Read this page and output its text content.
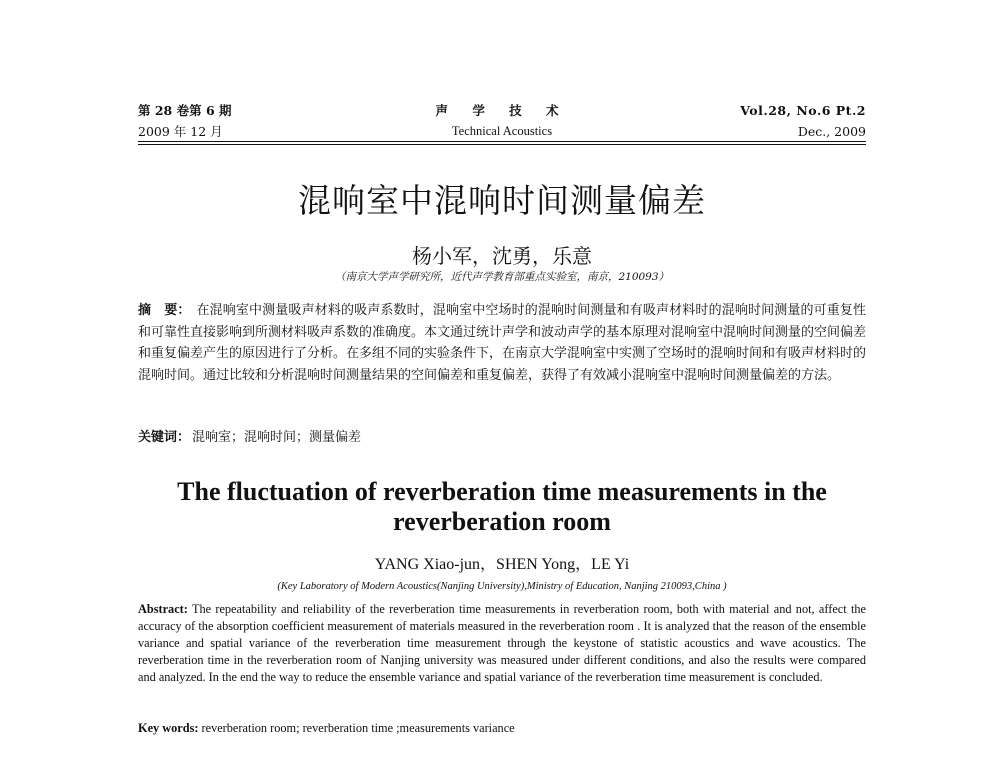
第 28 卷第 6 期	声 学 技 术	Vol.28, No.6 Pt.2
2009 年 12 月	Technical Acoustics	Dec., 2009
混响室中混响时间测量偏差
杨小军，沈勇，乐意
（南京大学声学研究所，近代声学教育部重点实验室，南京，210093）
摘　要： 在混响室中测量吸声材料的吸声系数时，混响室中空场时的混响时间测量和有吸声材料时的混响时间测量的可重复性和可靠性直接影响到所测材料吸声系数的准确度。本文通过统计声学和波动声学的基本原理对混响室中混响时间测量的空间偏差和重复偏差产生的原因进行了分析。在多组不同的实验条件下，在南京大学混响室中实测了空场时的混响时间和有吸声材料时的混响时间。通过比较和分析混响时间测量结果的空间偏差和重复偏差，获得了有效减小混响室中混响时间测量偏差的方法。
关键词： 混响室；混响时间；测量偏差
The fluctuation of reverberation time measurements in the reverberation room
YANG Xiao-jun，SHEN Yong，LE Yi
(Key Laboratory of Modern Acoustics(Nanjing University),Ministry of Education, Nanjing 210093,China )
Abstract: The repeatability and reliability of the reverberation time measurements in reverberation room, both with material and not, affect the accuracy of the absorption coefficient measurement of materials measured in the reverberation room . It is analyzed that the reason of the ensemble variance and spatial variance of the reverberation time measurement through the keystone of statistic acoustics and wave acoustics. The reverberation time in the reverberation room of Nanjing university was measured under different conditions, and also the results were compared and analyzed. In the end the way to reduce the ensemble variance and spatial variance of the reverberation time measurement is concluded.
Key words: reverberation room; reverberation time ;measurements variance
